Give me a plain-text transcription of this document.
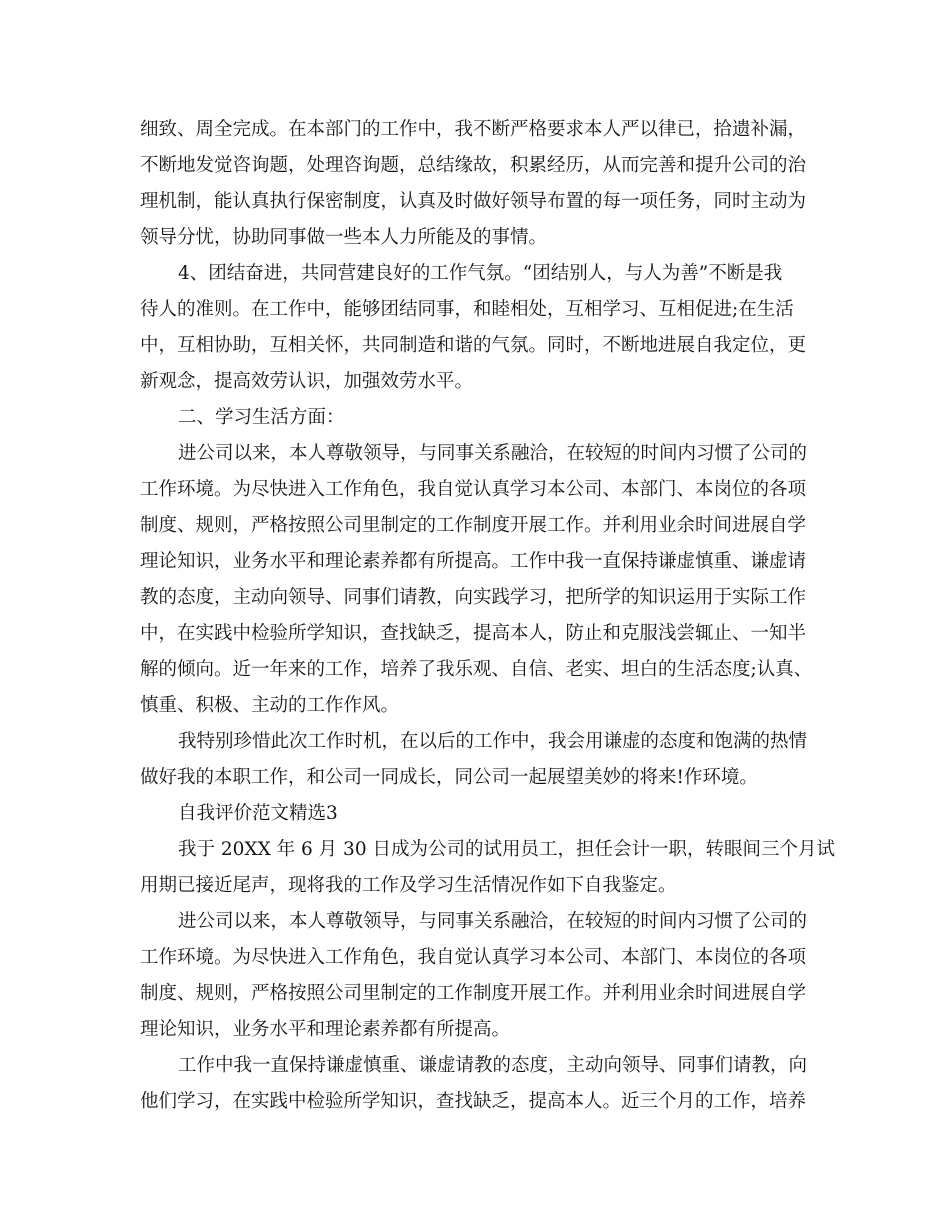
细致、周全完成。在本部门的工作中，我不断严格要求本人严以律已，拾遗补漏，
不断地发觉咨询题，处理咨询题，总结缘故，积累经历，从而完善和提升公司的治
理机制，能认真执行保密制度，认真及时做好领导布置的每一项任务，同时主动为
领导分忧，协助同事做一些本人力所能及的事情。
4、团结奋进，共同营建良好的工作气氛。“团结别人，与人为善”不断是我
待人的准则。在工作中，能够团结同事，和睦相处，互相学习、互相促进;在生活
中，互相协助，互相关怀，共同制造和谐的气氛。同时，不断地进展自我定位，更
新观念，提高效劳认识，加强效劳水平。
二、学习生活方面：
进公司以来，本人尊敬领导，与同事关系融洽，在较短的时间内习惯了公司的
工作环境。为尽快进入工作角色，我自觉认真学习本公司、本部门、本岗位的各项
制度、规则，严格按照公司里制定的工作制度开展工作。并利用业余时间进展自学
理论知识，业务水平和理论素养都有所提高。工作中我一直保持谦虚慎重、谦虚请
教的态度，主动向领导、同事们请教，向实践学习，把所学的知识运用于实际工作
中，在实践中检验所学知识，查找缺乏，提高本人，防止和克服浅尝辄止、一知半
解的倾向。近一年来的工作，培养了我乐观、自信、老实、坦白的生活态度;认真、
慎重、积极、主动的工作作风。
我特别珍惜此次工作时机，在以后的工作中，我会用谦虚的态度和饱满的热情
做好我的本职工作，和公司一同成长，同公司一起展望美妙的将来!作环境。
自我评价范文精选3
我于 20XX 年 6 月 30 日成为公司的试用员工，担任会计一职，转眼间三个月试
用期已接近尾声，现将我的工作及学习生活情况作如下自我鉴定。
进公司以来，本人尊敬领导，与同事关系融洽，在较短的时间内习惯了公司的
工作环境。为尽快进入工作角色，我自觉认真学习本公司、本部门、本岗位的各项
制度、规则，严格按照公司里制定的工作制度开展工作。并利用业余时间进展自学
理论知识，业务水平和理论素养都有所提高。
工作中我一直保持谦虚慎重、谦虚请教的态度，主动向领导、同事们请教，向
他们学习，在实践中检验所学知识，查找缺乏，提高本人。近三个月的工作，培养
